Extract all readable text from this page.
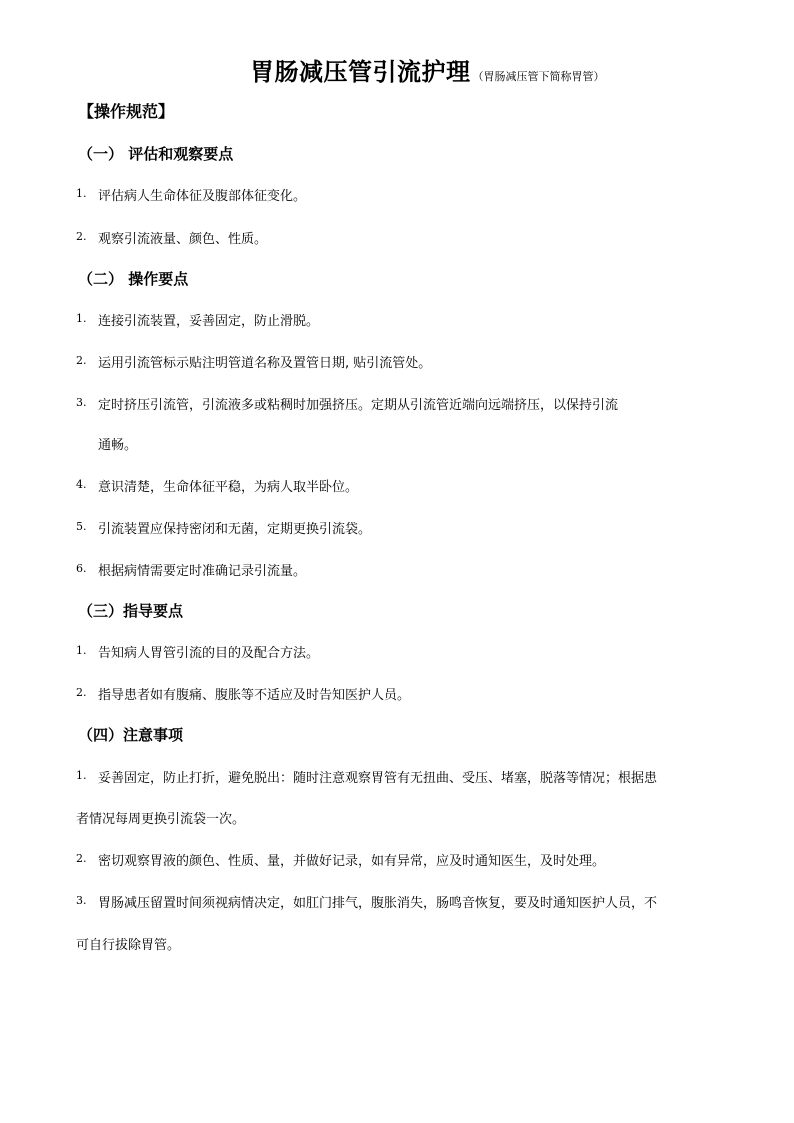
胃肠减压管引流护理 （胃肠减压管下简称胃管）
【操作规范】
（一） 评估和观察要点
1. 评估病人生命体征及腹部体征变化。
2. 观察引流液量、颜色、性质。
（二） 操作要点
1. 连接引流装置，妥善固定，防止滑脱。
2. 运用引流管标示贴注明管道名称及置管日期, 贴引流管处。
3. 定时挤压引流管，引流液多或粘稠时加强挤压。定期从引流管近端向远端挤压，以保持引流
通畅。
4. 意识清楚，生命体征平稳，为病人取半卧位。
5. 引流装置应保持密闭和无菌，定期更换引流袋。
6. 根据病情需要定时准确记录引流量。
（三）指导要点
1. 告知病人胃管引流的目的及配合方法。
2. 指导患者如有腹痛、腹胀等不适应及时告知医护人员。
（四）注意事项
1. 妥善固定，防止打折，避免脱出：随时注意观察胃管有无扭曲、受压、堵塞，脱落等情况；根据患
者情况每周更换引流袋一次。
2. 密切观察胃液的颜色、性质、量，并做好记录，如有异常，应及时通知医生，及时处理。
3. 胃肠减压留置时间须视病情决定，如肛门排气，腹胀消失，肠鸣音恢复，要及时通知医护人员，不
可自行拔除胃管。
